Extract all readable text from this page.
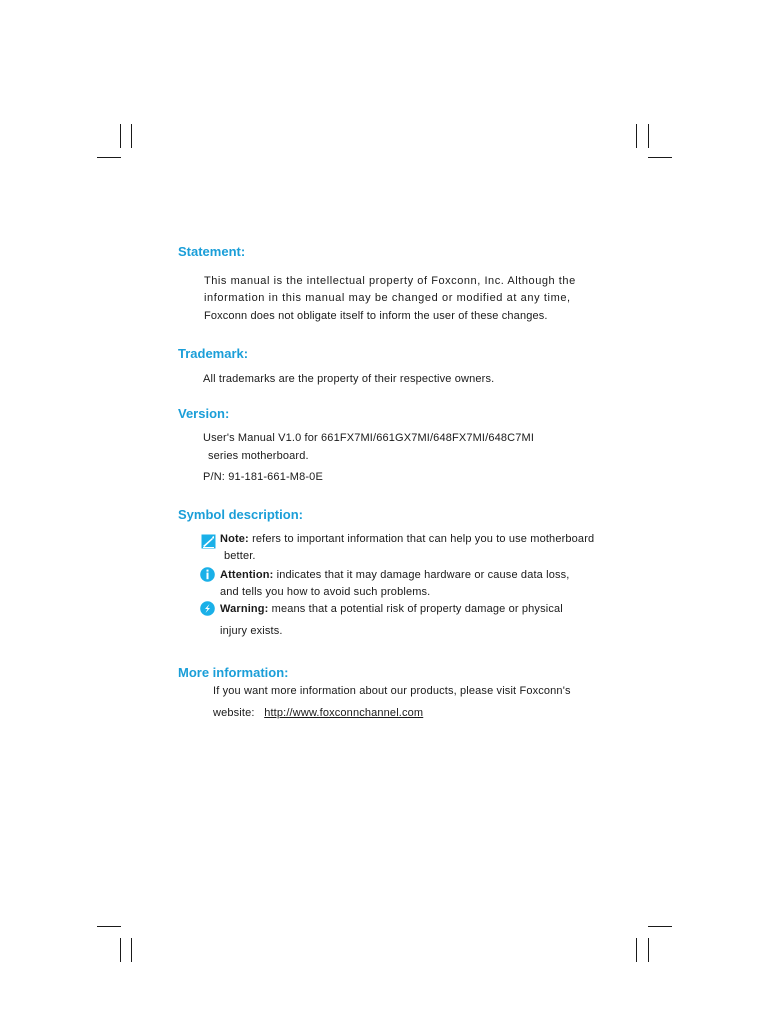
Statement:
This manual is the intellectual property of Foxconn, Inc. Although the
information in this manual may be changed or modified at any time,
Foxconn does not obligate itself to inform the user of these changes.
Trademark:
All trademarks are the property of their respective owners.
Version:
User's Manual V1.0 for 661FX7MI/661GX7MI/648FX7MI/648C7MI
series motherboard.
P/N: 91-181-661-M8-0E
Symbol description:
Note: refers to important information that can help you to use motherboard
better.
Attention: indicates that it may damage hardware or cause data loss,
and tells you how to avoid such problems.
Warning: means that a potential risk of property damage or physical
injury exists.
More information:
If you want more information about our products, please visit Foxconn's
website: http://www.foxconnchannel.com
